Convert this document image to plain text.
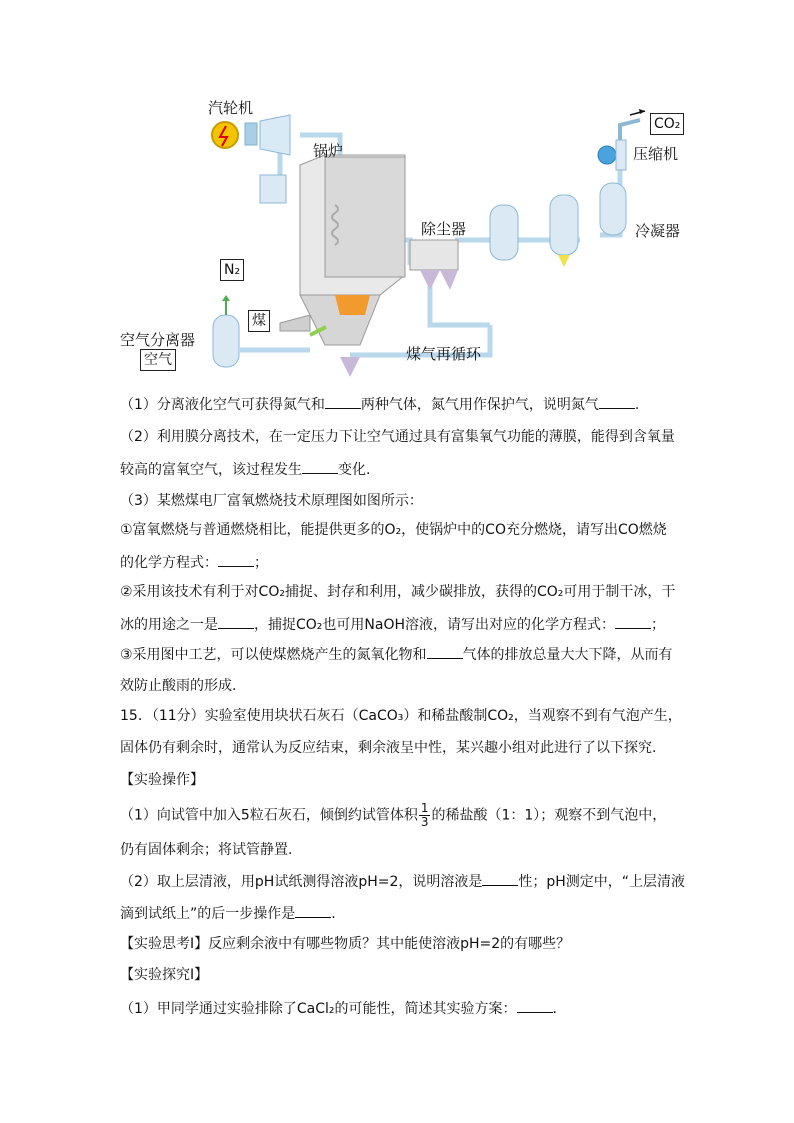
汽轮机
锅炉
除尘器
压缩机
冷凝器
CO₂
N₂
煤
空气
空气分离器
煤气再循环
（1）分离液化空气可获得氮气和	两种气体，氮气用作保护气，说明氮气	.
（2）利用膜分离技术，在一定压力下让空气通过具有富集氧气功能的薄膜，能得到含氧量
较高的富氧空气，该过程发生	变化.
（3）某燃煤电厂富氧燃烧技术原理图如图所示：
①富氧燃烧与普通燃烧相比，能提供更多的O₂，使锅炉中的CO充分燃烧，请写出CO燃烧
的化学方程式：	；
②采用该技术有利于对CO₂捕捉、封存和利用，减少碳排放，获得的CO₂可用于制干冰，干
冰的用途之一是	，捕捉CO₂也可用NaOH溶液，请写出对应的化学方程式：	；
③采用图中工艺，可以使煤燃烧产生的氮氧化物和	气体的排放总量大大下降，从而有
效防止酸雨的形成.
15．（11分）实验室使用块状石灰石（CaCO₃）和稀盐酸制CO₂，当观察不到有气泡产生，
固体仍有剩余时，通常认为反应结束，剩余液呈中性，某兴趣小组对此进行了以下探究.
【实验操作】
（1）向试管中加入5粒石灰石，倾倒约试管体积 $\frac{1}{3}$ 的稀盐酸（1：1）；观察不到气泡中，
仍有固体剩余；将试管静置.
（2）取上层清液，用pH试纸测得溶液pH=2，说明溶液是	性；pH测定中，“上层清液
滴到试纸上”的后一步操作是	.
【实验思考Ⅰ】反应剩余液中有哪些物质？其中能使溶液pH=2的有哪些？
【实验探究Ⅰ】
（1）甲同学通过实验排除了CaCl₂的可能性，简述其实验方案：	.
